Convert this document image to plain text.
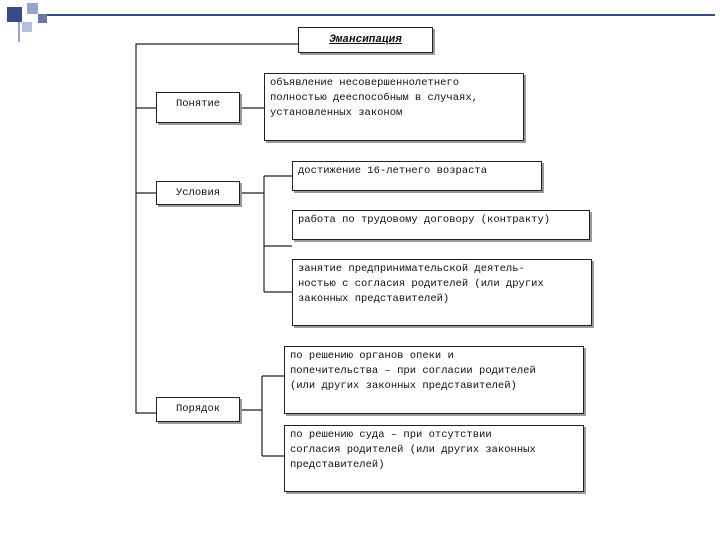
Эмансипация
Понятие
Условия
Порядок
объявление несовершеннолетнего
полностью дееспособным в случаях,
установленных законом
достижение 16-летнего возраста
работа по трудовому договору (контракту)
занятие предпринимательской деятель-
ностью с согласия родителей (или других
законных представителей)
по решению органов опеки и
попечительства – при согласии родителей
(или других законных представителей)
по решению суда – при отсутствии
согласия родителей (или других законных
представителей)
